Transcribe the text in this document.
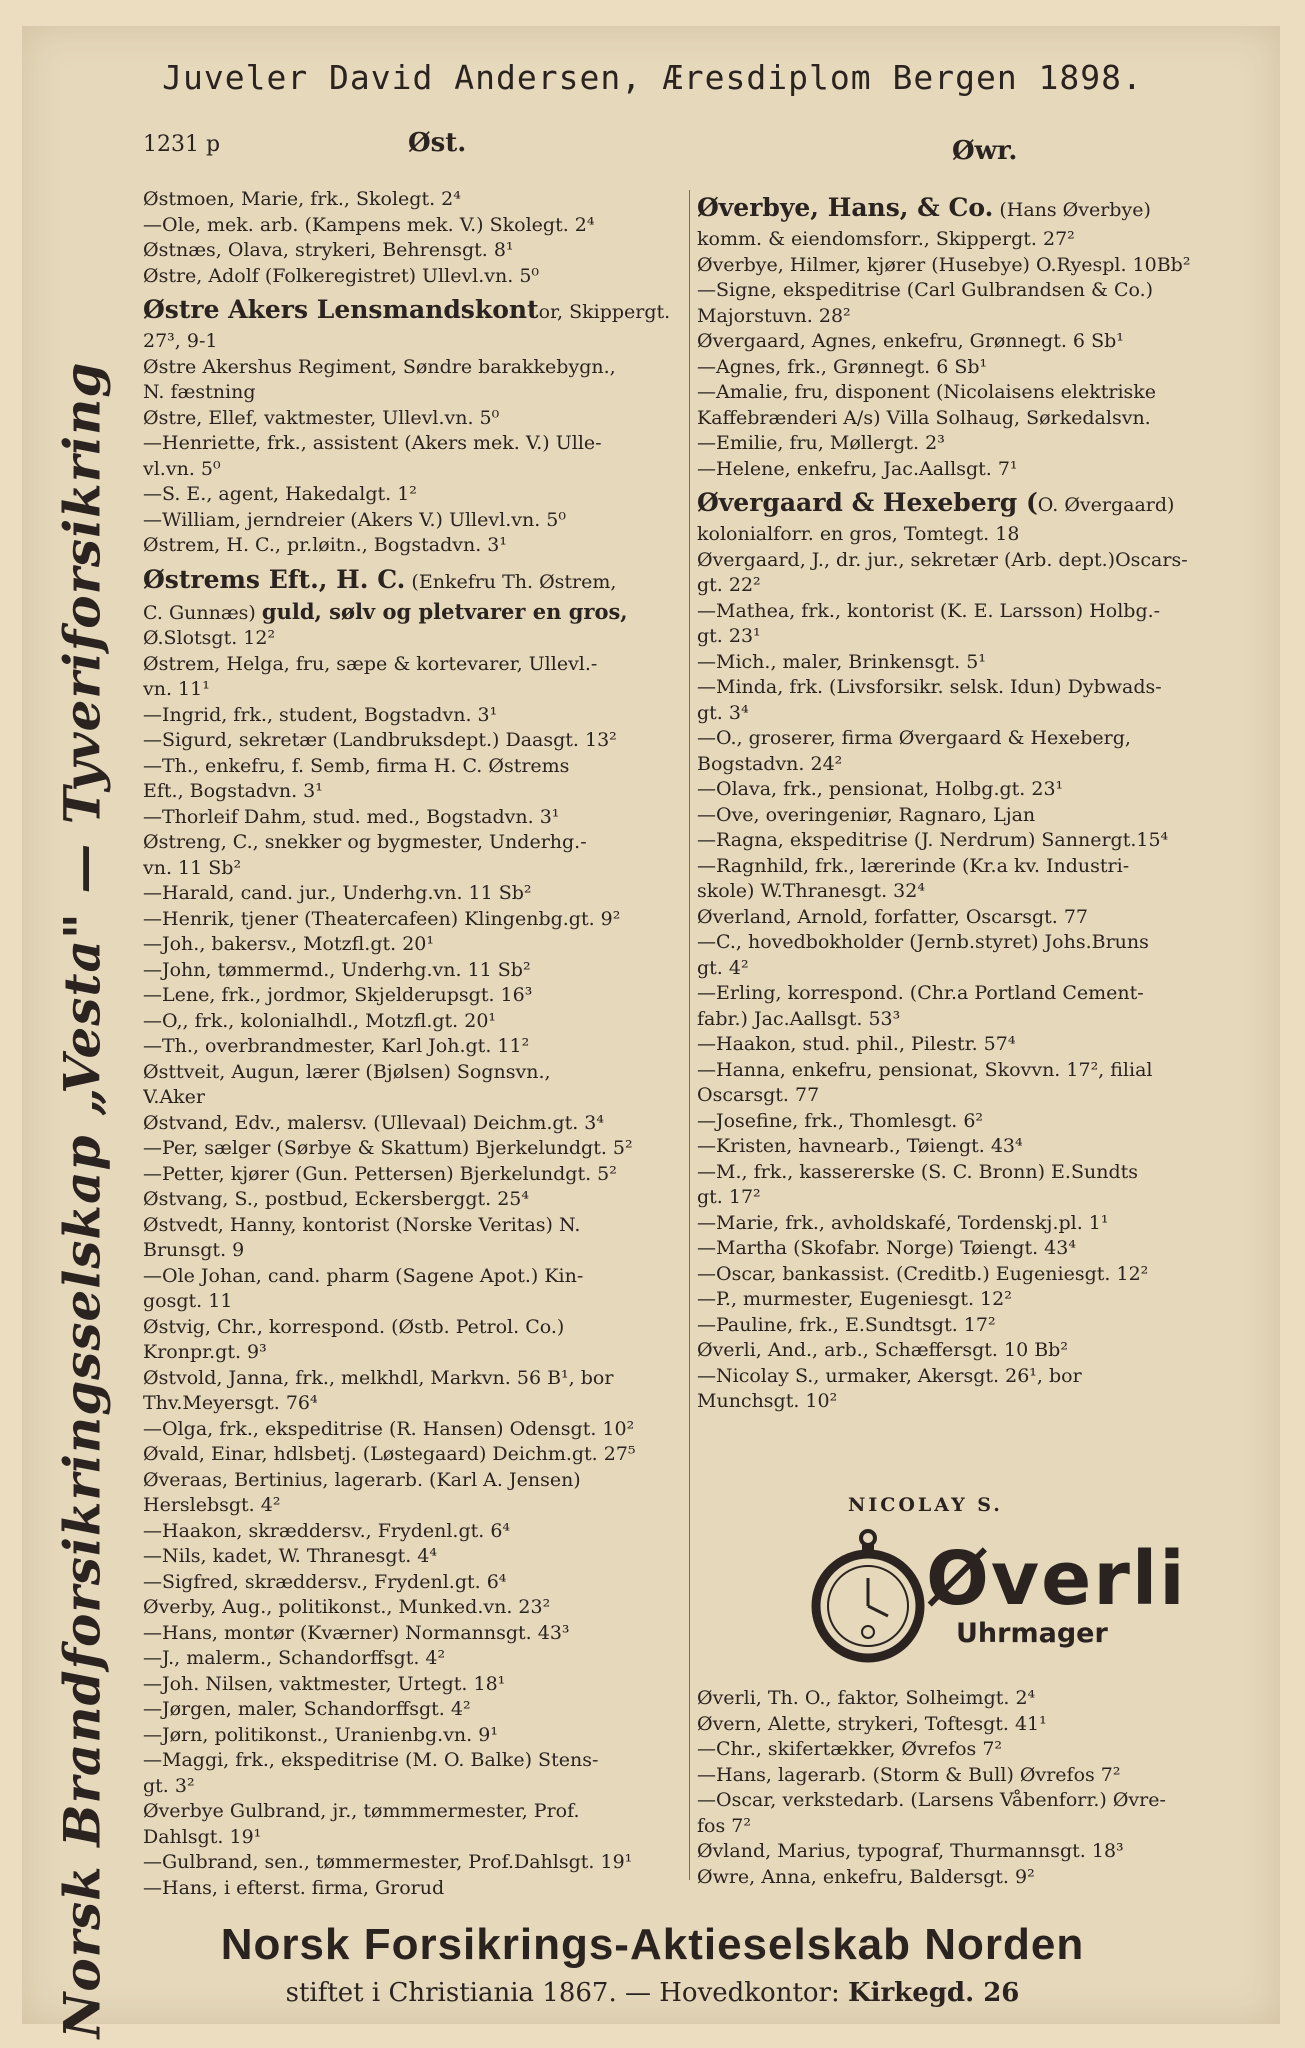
Juveler David Andersen, Æresdiplom Bergen 1898.
1231 p	Øst.	Øwr.
Norsk Brandforsikringsselskap „Vesta" — Tyveriforsikring
Østmoen, Marie, frk., Skolegt. 2⁴
—Ole, mek. arb. (Kampens mek. V.) Skolegt. 2⁴
Østnæs, Olava, strykeri, Behrensgt. 8¹
Østre, Adolf (Folkeregistret) Ullevl.vn. 5⁰
Østre Akers Lensmandskontor, Skippergt.
27³, 9-1
Østre Akershus Regiment, Søndre barakkebygn.,
N. fæstning
Østre, Ellef, vaktmester, Ullevl.vn. 5⁰
—Henriette, frk., assistent (Akers mek. V.) Ulle-
vl.vn. 5⁰
—S. E., agent, Hakedalgt. 1²
—William, jerndreier (Akers V.) Ullevl.vn. 5⁰
Østrem, H. C., pr.løitn., Bogstadvn. 3¹
Østrems Eft., H. C. (Enkefru Th. Østrem,
C. Gunnæs) guld, sølv og pletvarer en gros,
Ø.Slotsgt. 12²
Østrem, Helga, fru, sæpe & kortevarer, Ullevl.-
vn. 11¹
—Ingrid, frk., student, Bogstadvn. 3¹
—Sigurd, sekretær (Landbruksdept.) Daasgt. 13²
—Th., enkefru, f. Semb, firma H. C. Østrems
Eft., Bogstadvn. 3¹
—Thorleif Dahm, stud. med., Bogstadvn. 3¹
Østreng, C., snekker og bygmester, Underhg.-
vn. 11 Sb²
—Harald, cand. jur., Underhg.vn. 11 Sb²
—Henrik, tjener (Theatercafeen) Klingenbg.gt. 9²
—Joh., bakersv., Motzfl.gt. 20¹
—John, tømmermd., Underhg.vn. 11 Sb²
—Lene, frk., jordmor, Skjelderupsgt. 16³
—O,, frk., kolonialhdl., Motzfl.gt. 20¹
—Th., overbrandmester, Karl Joh.gt. 11²
Østtveit, Augun, lærer (Bjølsen) Sognsvn.,
V.Aker
Østvand, Edv., malersv. (Ullevaal) Deichm.gt. 3⁴
—Per, sælger (Sørbye & Skattum) Bjerkelundgt. 5²
—Petter, kjører (Gun. Pettersen) Bjerkelundgt. 5²
Østvang, S., postbud, Eckersberggt. 25⁴
Østvedt, Hanny, kontorist (Norske Veritas) N.
Brunsgt. 9
—Ole Johan, cand. pharm (Sagene Apot.) Kin-
gosgt. 11
Østvig, Chr., korrespond. (Østb. Petrol. Co.)
Kronpr.gt. 9³
Østvold, Janna, frk., melkhdl, Markvn. 56 B¹, bor
Thv.Meyersgt. 76⁴
—Olga, frk., ekspeditrise (R. Hansen) Odensgt. 10²
Øvald, Einar, hdlsbetj. (Løstegaard) Deichm.gt. 27⁵
Øveraas, Bertinius, lagerarb. (Karl A. Jensen)
Herslebsgt. 4²
—Haakon, skræddersv., Frydenl.gt. 6⁴
—Nils, kadet, W. Thranesgt. 4⁴
—Sigfred, skræddersv., Frydenl.gt. 6⁴
Øverby, Aug., politikonst., Munked.vn. 23²
—Hans, montør (Kværner) Normannsgt. 43³
—J., malerm., Schandorffsgt. 4²
—Joh. Nilsen, vaktmester, Urtegt. 18¹
—Jørgen, maler, Schandorffsgt. 4²
—Jørn, politikonst., Uranienbg.vn. 9¹
—Maggi, frk., ekspeditrise (M. O. Balke) Stens-
gt. 3²
Øverbye Gulbrand, jr., tømmmermester, Prof.
Dahlsgt. 19¹
—Gulbrand, sen., tømmermester, Prof.Dahlsgt. 19¹
—Hans, i efterst. firma, Grorud
Øverbye, Hans, & Co. (Hans Øverbye)
komm. & eiendomsforr., Skippergt. 27²
Øverbye, Hilmer, kjører (Husebye) O.Ryespl. 10Bb²
—Signe, ekspeditrise (Carl Gulbrandsen & Co.)
Majorstuvn. 28²
Øvergaard, Agnes, enkefru, Grønnegt. 6 Sb¹
—Agnes, frk., Grønnegt. 6 Sb¹
—Amalie, fru, disponent (Nicolaisens elektriske
Kaffebrænderi A/s) Villa Solhaug, Sørkedalsvn.
—Emilie, fru, Møllergt. 2³
—Helene, enkefru, Jac.Aallsgt. 7¹
Øvergaard & Hexeberg (O. Øvergaard)
kolonialforr. en gros, Tomtegt. 18
Øvergaard, J., dr. jur., sekretær (Arb. dept.)Oscars-
gt. 22²
—Mathea, frk., kontorist (K. E. Larsson) Holbg.-
gt. 23¹
—Mich., maler, Brinkensgt. 5¹
—Minda, frk. (Livsforsikr. selsk. Idun) Dybwads-
gt. 3⁴
—O., groserer, firma Øvergaard & Hexeberg,
Bogstadvn. 24²
—Olava, frk., pensionat, Holbg.gt. 23¹
—Ove, overingeniør, Ragnaro, Ljan
—Ragna, ekspeditrise (J. Nerdrum) Sannergt.15⁴
—Ragnhild, frk., lærerinde (Kr.a kv. Industri-
skole) W.Thranesgt. 32⁴
Øverland, Arnold, forfatter, Oscarsgt. 77
—C., hovedbokholder (Jernb.styret) Johs.Bruns
gt. 4²
—Erling, korrespond. (Chr.a Portland Cement-
fabr.) Jac.Aallsgt. 53³
—Haakon, stud. phil., Pilestr. 57⁴
—Hanna, enkefru, pensionat, Skovvn. 17², filial
Oscarsgt. 77
—Josefine, frk., Thomlesgt. 6²
—Kristen, havnearb., Tøiengt. 43⁴
—M., frk., kassererske (S. C. Bronn) E.Sundts
gt. 17²
—Marie, frk., avholdskafé, Tordenskj.pl. 1¹
—Martha (Skofabr. Norge) Tøiengt. 43⁴
—Oscar, bankassist. (Creditb.) Eugeniesgt. 12²
—P., murmester, Eugeniesgt. 12²
—Pauline, frk., E.Sundtsgt. 17²
Øverli, And., arb., Schæffersgt. 10 Bb²
—Nicolay S., urmaker, Akersgt. 26¹, bor
Munchsgt. 10²
NICOLAY S.
Øverli
Uhrmager
Øverli, Th. O., faktor, Solheimgt. 2⁴
Øvern, Alette, strykeri, Toftesgt. 41¹
—Chr., skifertækker, Øvrefos 7²
—Hans, lagerarb. (Storm & Bull) Øvrefos 7²
—Oscar, verkstedarb. (Larsens Våbenforr.) Øvre-
fos 7²
Øvland, Marius, typograf, Thurmannsgt. 18³
Øwre, Anna, enkefru, Baldersgt. 9²
Norsk Forsikrings-Aktieselskab Norden
stiftet i Christiania 1867. — Hovedkontor: Kirkegd. 26
